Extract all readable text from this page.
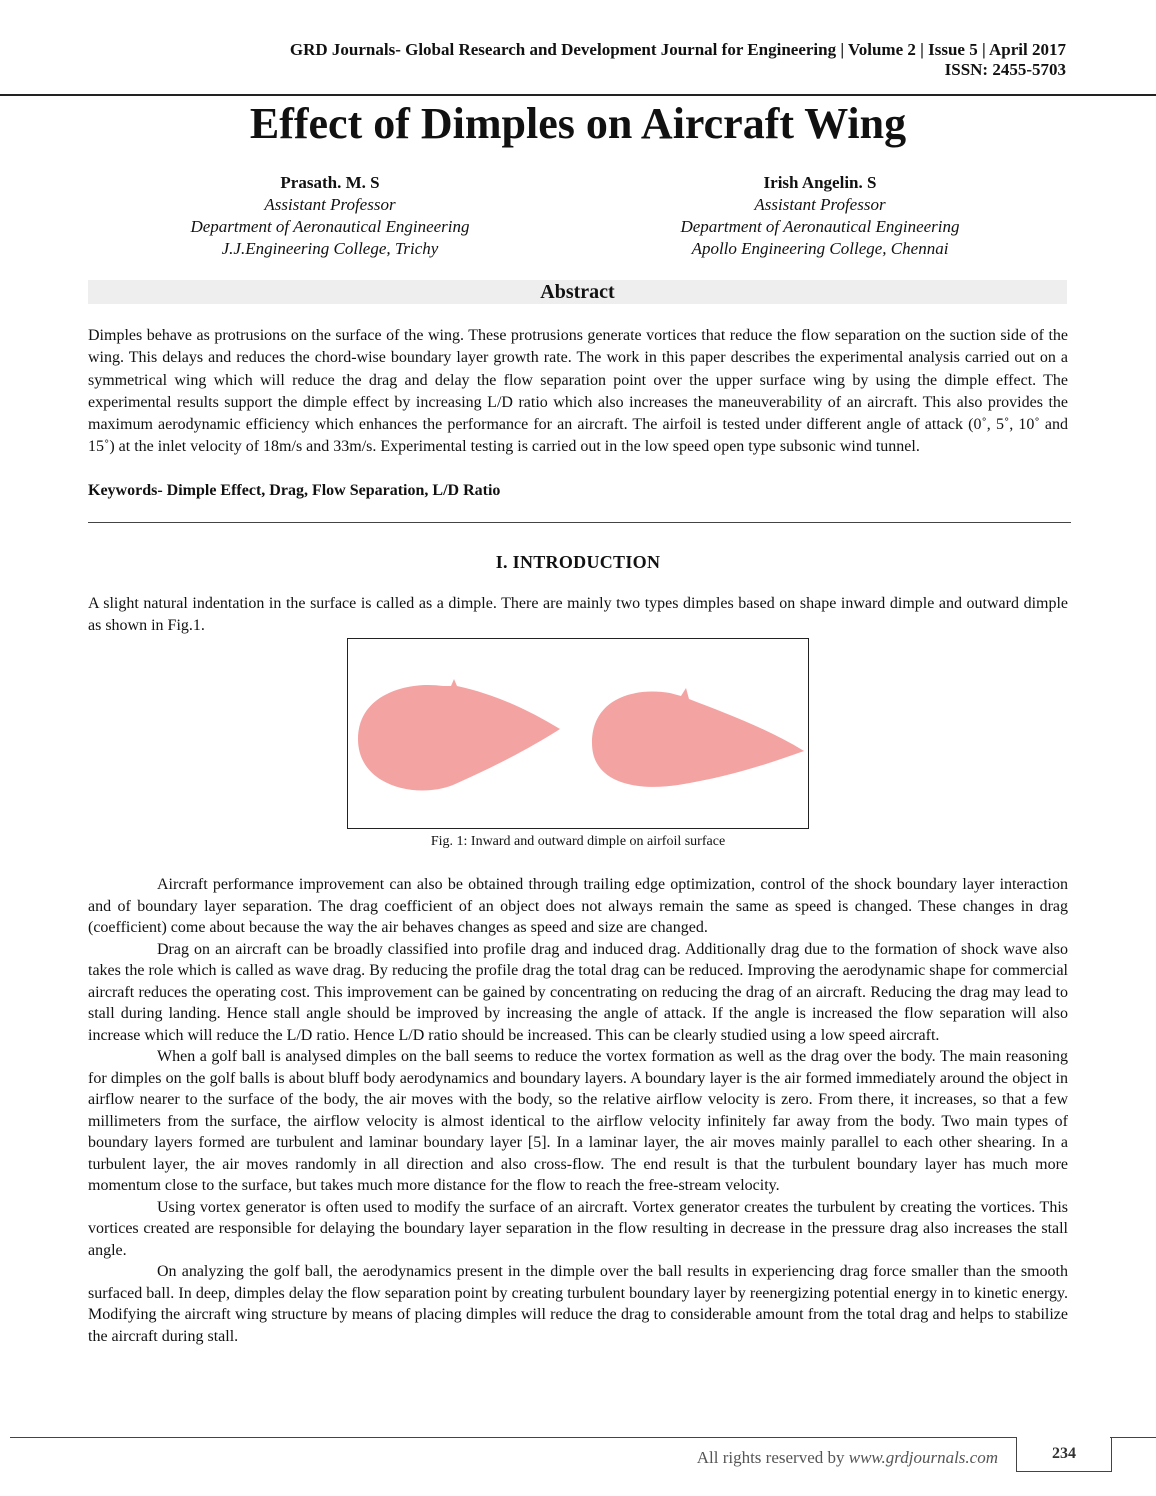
GRD Journals- Global Research and Development Journal for Engineering | Volume 2 | Issue 5 | April 2017
ISSN: 2455-5703
Effect of Dimples on Aircraft Wing
Prasath. M. S
Assistant Professor
Department of Aeronautical Engineering
J.J.Engineering College, Trichy
Irish Angelin. S
Assistant Professor
Department of Aeronautical Engineering
Apollo Engineering College, Chennai
Abstract
Dimples behave as protrusions on the surface of the wing. These protrusions generate vortices that reduce the flow separation on the suction side of the wing. This delays and reduces the chord-wise boundary layer growth rate. The work in this paper describes the experimental analysis carried out on a symmetrical wing which will reduce the drag and delay the flow separation point over the upper surface wing by using the dimple effect. The experimental results support the dimple effect by increasing L/D ratio which also increases the maneuverability of an aircraft. This also provides the maximum aerodynamic efficiency which enhances the performance for an aircraft. The airfoil is tested under different angle of attack (0˚, 5˚, 10˚ and 15˚) at the inlet velocity of 18m/s and 33m/s. Experimental testing is carried out in the low speed open type subsonic wind tunnel.
Keywords- Dimple Effect, Drag, Flow Separation, L/D Ratio
I. INTRODUCTION
A slight natural indentation in the surface is called as a dimple. There are mainly two types dimples based on shape inward dimple and outward dimple as shown in Fig.1.
Fig. 1: Inward and outward dimple on airfoil surface

Aircraft performance improvement can also be obtained through trailing edge optimization, control of the shock boundary layer interaction and of boundary layer separation. The drag coefficient of an object does not always remain the same as speed is changed. These changes in drag (coefficient) come about because the way the air behaves changes as speed and size are changed.

Drag on an aircraft can be broadly classified into profile drag and induced drag. Additionally drag due to the formation of shock wave also takes the role which is called as wave drag. By reducing the profile drag the total drag can be reduced. Improving the aerodynamic shape for commercial aircraft reduces the operating cost. This improvement can be gained by concentrating on reducing the drag of an aircraft. Reducing the drag may lead to stall during landing. Hence stall angle should be improved by increasing the angle of attack. If the angle is increased the flow separation will also increase which will reduce the L/D ratio. Hence L/D ratio should be increased. This can be clearly studied using a low speed aircraft.

When a golf ball is analysed dimples on the ball seems to reduce the vortex formation as well as the drag over the body. The main reasoning for dimples on the golf balls is about bluff body aerodynamics and boundary layers. A boundary layer is the air formed immediately around the object in airflow nearer to the surface of the body, the air moves with the body, so the relative airflow velocity is zero. From there, it increases, so that a few millimeters from the surface, the airflow velocity is almost identical to the airflow velocity infinitely far away from the body. Two main types of boundary layers formed are turbulent and laminar boundary layer [5]. In a laminar layer, the air moves mainly parallel to each other shearing. In a turbulent layer, the air moves randomly in all direction and also cross-flow. The end result is that the turbulent boundary layer has much more momentum close to the surface, but takes much more distance for the flow to reach the free-stream velocity.

Using vortex generator is often used to modify the surface of an aircraft. Vortex generator creates the turbulent by creating the vortices. This vortices created are responsible for delaying the boundary layer separation in the flow resulting in decrease in the pressure drag also increases the stall angle.

On analyzing the golf ball, the aerodynamics present in the dimple over the ball results in experiencing drag force smaller than the smooth surfaced ball. In deep, dimples delay the flow separation point by creating turbulent boundary layer by reenergizing potential energy in to kinetic energy. Modifying the aircraft wing structure by means of placing dimples will reduce the drag to considerable amount from the total drag and helps to stabilize the aircraft during stall.

All rights reserved by www.grdjournals.com	234
